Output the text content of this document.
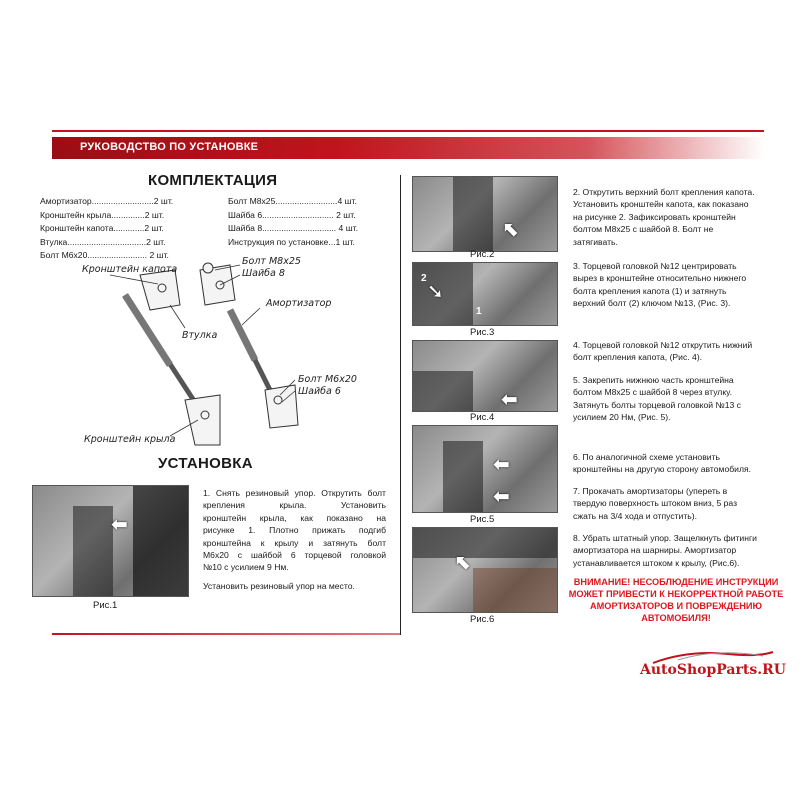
РУКОВОДСТВО ПО УСТАНОВКЕ
КОМПЛЕКТАЦИЯ
Амортизатор..........................2 шт.
Кронштейн крыла..............2 шт.
Кронштейн капота.............2 шт.
Втулка.................................2 шт.
Болт М6х20......................... 2 шт.
Болт М8х25..........................4 шт.
Шайба 6.............................. 2 шт.
Шайба 8............................... 4 шт.
Инструкция по установке...1 шт.
Кронштейн капота
Болт М8х25
Шайба 8
Амортизатор
Втулка
Болт М6х20
Шайба 6
Кронштейн крыла
УСТАНОВКА
⬅
Рис.1
1. Снять резиновый упор. Открутить болт
крепления крыла. Установить
кронштейн крыла, как показано на
рисунке 1. Плотно прижать подгиб
кронштейна к крылу и затянуть болт
М6х20 с шайбой 6 торцевой головкой
№10 с усилием 9 Нм.
Установить резиновый упор на место.
⬉
Рис.2
2
1
➘
Рис.3
⬅
Рис.4
⬅
⬅
Рис.5
⬉
Рис.6
2. Открутить верхний болт крепления капота.
Установить кронштейн капота, как показано
на рисунке 2. Зафиксировать кронштейн
болтом М8х25 с шайбой 8. Болт не
затягивать.
3. Торцевой головкой №12 центрировать
вырез в кронштейне относительно нижнего
болта крепления капота (1) и затянуть
верхний болт (2) ключом №13, (Рис. 3).
4. Торцевой головкой №12 открутить нижний
болт крепления капота, (Рис. 4).
5. Закрепить нижнюю часть кронштейна
болтом М8х25 с шайбой 8 через втулку.
Затянуть болты торцевой головкой №13 с
усилием 20 Нм, (Рис. 5).
6. По аналогичной схеме установить
кронштейны на другую сторону автомобиля.
7. Прокачать амортизаторы (упереть в
твердую поверхность штоком вниз, 5 раз
сжать на 3/4 хода и отпустить).
8. Убрать штатный упор. Защелкнуть фитинги
амортизатора на шарниры. Амортизатор
устанавливается штоком к крылу, (Рис.6).
ВНИМАНИЕ! НЕСОБЛЮДЕНИЕ ИНСТРУКЦИИ
МОЖЕТ ПРИВЕСТИ К НЕКОРРЕКТНОЙ РАБОТЕ
АМОРТИЗАТОРОВ И ПОВРЕЖДЕНИЮ
АВТОМОБИЛЯ!
AutoShopParts.RU
